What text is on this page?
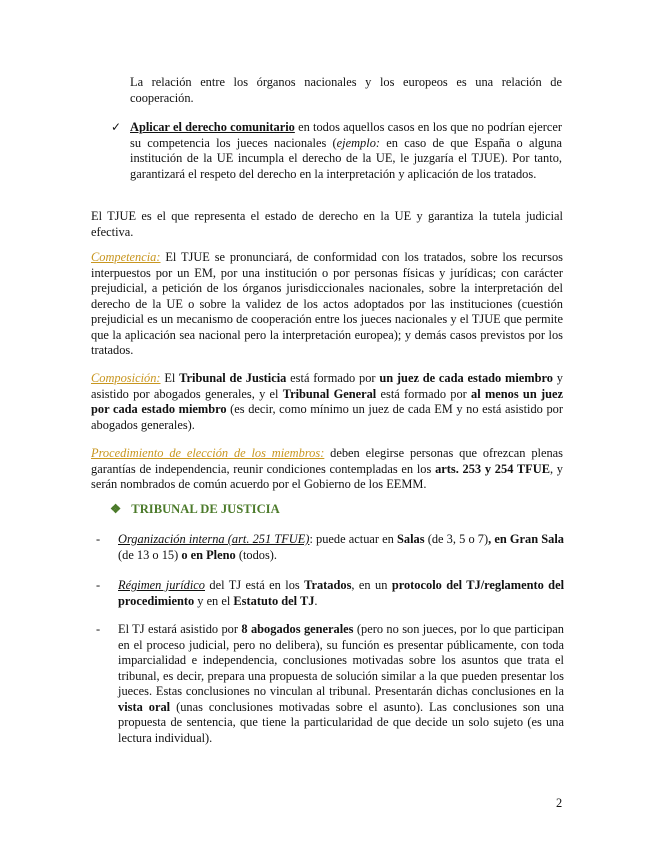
La relación entre los órganos nacionales y los europeos es una relación de cooperación.

✓ Aplicar el derecho comunitario en todos aquellos casos en los que no podrían ejercer su competencia los jueces nacionales (ejemplo: en caso de que España o alguna institución de la UE incumpla el derecho de la UE, le juzgaría el TJUE). Por tanto, garantizará el respeto del derecho en la interpretación y aplicación de los tratados.

El TJUE es el que representa el estado de derecho en la UE y garantiza la tutela judicial efectiva.

Competencia: El TJUE se pronunciará, de conformidad con los tratados, sobre los recursos interpuestos por un EM, por una institución o por personas físicas y jurídicas; con carácter prejudicial, a petición de los órganos jurisdiccionales nacionales, sobre la interpretación del derecho de la UE o sobre la validez de los actos adoptados por las instituciones (cuestión prejudicial es un mecanismo de cooperación entre los jueces nacionales y el TJUE que permite que la aplicación sea nacional pero la interpretación europea); y demás casos previstos por los tratados.

Composición: El Tribunal de Justicia está formado por un juez de cada estado miembro y asistido por abogados generales, y el Tribunal General está formado por al menos un juez por cada estado miembro (es decir, como mínimo un juez de cada EM y no está asistido por abogados generales).

Procedimiento de elección de los miembros: deben elegirse personas que ofrezcan plenas garantías de independencia, reunir condiciones contempladas en los arts. 253 y 254 TFUE, y serán nombrados de común acuerdo por el Gobierno de los EEMM.

❖ TRIBUNAL DE JUSTICIA
- Organización interna (art. 251 TFUE): puede actuar en Salas (de 3, 5 o 7), en Gran Sala (de 13 o 15) o en Pleno (todos).

- Régimen jurídico del TJ está en los Tratados, en un protocolo del TJ/reglamento del procedimiento y en el Estatuto del TJ.

- El TJ estará asistido por 8 abogados generales (pero no son jueces, por lo que participan en el proceso judicial, pero no delibera), su función es presentar públicamente, con toda imparcialidad e independencia, conclusiones motivadas sobre los asuntos que trata el tribunal, es decir, prepara una propuesta de solución similar a la que pueden presentar los jueces. Estas conclusiones no vinculan al tribunal. Presentarán dichas conclusiones en la vista oral (unas conclusiones motivadas sobre el asunto). Las conclusiones son una propuesta de sentencia, que tiene la particularidad de que decide un solo sujeto (es una lectura individual).

2
